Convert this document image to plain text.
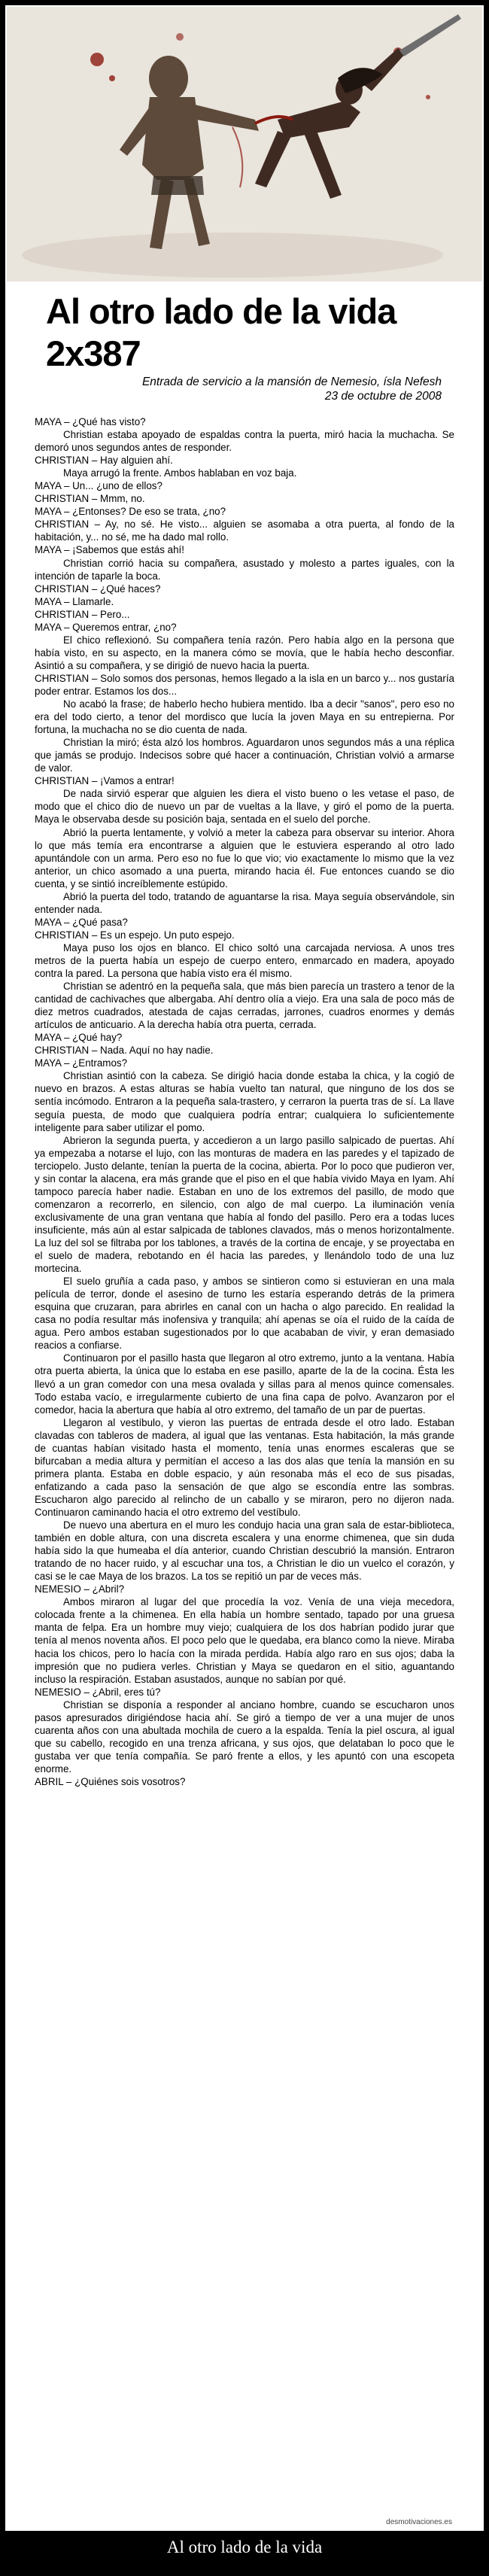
Al otro lado de la vida 2x387
Entrada de servicio a la mansión de Nemesio, ísla Nefesh
23 de octubre de 2008

MAYA – ¿Qué has visto?

Christian estaba apoyado de espaldas contra la puerta, miró hacia la muchacha. Se demoró unos segundos antes de responder.

CHRISTIAN – Hay alguien ahí.

Maya arrugó la frente. Ambos hablaban en voz baja.

MAYA – Un... ¿uno de ellos?

CHRISTIAN – Mmm, no.

MAYA – ¿Entonses? De eso se trata, ¿no?

CHRISTIAN – Ay, no sé. He visto... alguien se asomaba a otra puerta, al fondo de la habitación, y... no sé, me ha dado mal rollo.

MAYA – ¡Sabemos que estás ahí!

Christian corrió hacia su compañera, asustado y molesto a partes iguales, con la intención de taparle la boca.

CHRISTIAN – ¿Qué haces?

MAYA – Llamarle.

CHRISTIAN – Pero...

MAYA – Queremos entrar, ¿no?

El chico reflexionó. Su compañera tenía razón. Pero había algo en la persona que había visto, en su aspecto, en la manera cómo se movía, que le había hecho desconfiar. Asintió a su compañera, y se dirigió de nuevo hacia la puerta.

CHRISTIAN – Solo somos dos personas, hemos llegado a la isla en un barco y... nos gustaría poder entrar. Estamos los dos...

No acabó la frase; de haberlo hecho hubiera mentido. Iba a decir "sanos", pero eso no era del todo cierto, a tenor del mordisco que lucía la joven Maya en su entrepierna. Por fortuna, la muchacha no se dio cuenta de nada.

Christian la miró; ésta alzó los hombros. Aguardaron unos segundos más a una réplica que jamás se produjo. Indecisos sobre qué hacer a continuación, Christian volvió a armarse de valor.

CHRISTIAN – ¡Vamos a entrar!

De nada sirvió esperar que alguien les diera el visto bueno o les vetase el paso, de modo que el chico dio de nuevo un par de vueltas a la llave, y giró el pomo de la puerta. Maya le observaba desde su posición baja, sentada en el suelo del porche.

Abrió la puerta lentamente, y volvió a meter la cabeza para observar su interior. Ahora lo que más temía era encontrarse a alguien que le estuviera esperando al otro lado apuntándole con un arma. Pero eso no fue lo que vio; vio exactamente lo mismo que la vez anterior, un chico asomado a una puerta, mirando hacia él. Fue entonces cuando se dio cuenta, y se sintió increíblemente estúpido.

Abrió la puerta del todo, tratando de aguantarse la risa. Maya seguía observándole, sin entender nada.

MAYA – ¿Qué pasa?

CHRISTIAN – Es un espejo. Un puto espejo.

Maya puso los ojos en blanco. El chico soltó una carcajada nerviosa. A unos tres metros de la puerta había un espejo de cuerpo entero, enmarcado en madera, apoyado contra la pared. La persona que había visto era él mismo.

Christian se adentró en la pequeña sala, que más bien parecía un trastero a tenor de la cantidad de cachivaches que albergaba. Ahí dentro olía a viejo. Era una sala de poco más de diez metros cuadrados, atestada de cajas cerradas, jarrones, cuadros enormes y demás artículos de anticuario. A la derecha había otra puerta, cerrada.

MAYA – ¿Qué hay?

CHRISTIAN – Nada. Aquí no hay nadie.

MAYA – ¿Entramos?

Christian asintió con la cabeza. Se dirigió hacia donde estaba la chica, y la cogió de nuevo en brazos. A estas alturas se había vuelto tan natural, que ninguno de los dos se sentía incómodo. Entraron a la pequeña sala-trastero, y cerraron la puerta tras de sí. La llave seguía puesta, de modo que cualquiera podría entrar; cualquiera lo suficientemente inteligente para saber utilizar el pomo.

Abrieron la segunda puerta, y accedieron a un largo pasillo salpicado de puertas. Ahí ya empezaba a notarse el lujo, con las monturas de madera en las paredes y el tapizado de terciopelo. Justo delante, tenían la puerta de la cocina, abierta. Por lo poco que pudieron ver, y sin contar la alacena, era más grande que el piso en el que había vivido Maya en Iyam. Ahí tampoco parecía haber nadie. Estaban en uno de los extremos del pasillo, de modo que comenzaron a recorrerlo, en silencio, con algo de mal cuerpo. La iluminación venía exclusivamente de una gran ventana que había al fondo del pasillo. Pero era a todas luces insuficiente, más aún al estar salpicada de tablones clavados, más o menos horizontalmente. La luz del sol se filtraba por los tablones, a través de la cortina de encaje, y se proyectaba en el suelo de madera, rebotando en él hacia las paredes, y llenándolo todo de una luz mortecina.

El suelo gruñía a cada paso, y ambos se sintieron como si estuvieran en una mala película de terror, donde el asesino de turno les estaría esperando detrás de la primera esquina que cruzaran, para abrirles en canal con un hacha o algo parecido. En realidad la casa no podía resultar más inofensiva y tranquila; ahí apenas se oía el ruido de la caída de agua. Pero ambos estaban sugestionados por lo que acababan de vivir, y eran demasiado reacios a confiarse.

Continuaron por el pasillo hasta que llegaron al otro extremo, junto a la ventana. Había otra puerta abierta, la única que lo estaba en ese pasillo, aparte de la de la cocina. Ésta les llevó a un gran comedor con una mesa ovalada y sillas para al menos quince comensales. Todo estaba vacío, e irregularmente cubierto de una fina capa de polvo. Avanzaron por el comedor, hacia la abertura que había al otro extremo, del tamaño de un par de puertas.

Llegaron al vestíbulo, y vieron las puertas de entrada desde el otro lado. Estaban clavadas con tableros de madera, al igual que las ventanas. Esta habitación, la más grande de cuantas habían visitado hasta el momento, tenía unas enormes escaleras que se bifurcaban a media altura y permitían el acceso a las dos alas que tenía la mansión en su primera planta. Estaba en doble espacio, y aún resonaba más el eco de sus pisadas, enfatizando a cada paso la sensación de que algo se escondía entre las sombras. Escucharon algo parecido al relincho de un caballo y se miraron, pero no dijeron nada. Continuaron caminando hacia el otro extremo del vestíbulo.

De nuevo una abertura en el muro les condujo hacia una gran sala de estar-biblioteca, también en doble altura, con una discreta escalera y una enorme chimenea, que sin duda había sido la que humeaba el día anterior, cuando Christian descubrió la mansión. Entraron tratando de no hacer ruido, y al escuchar una tos, a Christian le dio un vuelco el corazón, y casi se le cae Maya de los brazos. La tos se repitió un par de veces más.

NEMESIO – ¿Abril?

Ambos miraron al lugar del que procedía la voz. Venía de una vieja mecedora, colocada frente a la chimenea. En ella había un hombre sentado, tapado por una gruesa manta de felpa. Era un hombre muy viejo; cualquiera de los dos habrían podido jurar que tenía al menos noventa años. El poco pelo que le quedaba, era blanco como la nieve. Miraba hacia los chicos, pero lo hacía con la mirada perdida. Había algo raro en sus ojos; daba la impresión que no pudiera verles. Christian y Maya se quedaron en el sitio, aguantando incluso la respiración. Estaban asustados, aunque no sabían por qué.

NEMESIO – ¿Abril, eres tú?

Christian se disponía a responder al anciano hombre, cuando se escucharon unos pasos apresurados dirigiéndose hacia ahí. Se giró a tiempo de ver a una mujer de unos cuarenta años con una abultada mochila de cuero a la espalda. Tenía la piel oscura, al igual que su cabello, recogido en una trenza africana, y sus ojos, que delataban lo poco que le gustaba ver que tenía compañía. Se paró frente a ellos, y les apuntó con una escopeta enorme.

ABRIL – ¿Quiénes sois vosotros?

desmotivaciones.es
Al otro lado de la vida
